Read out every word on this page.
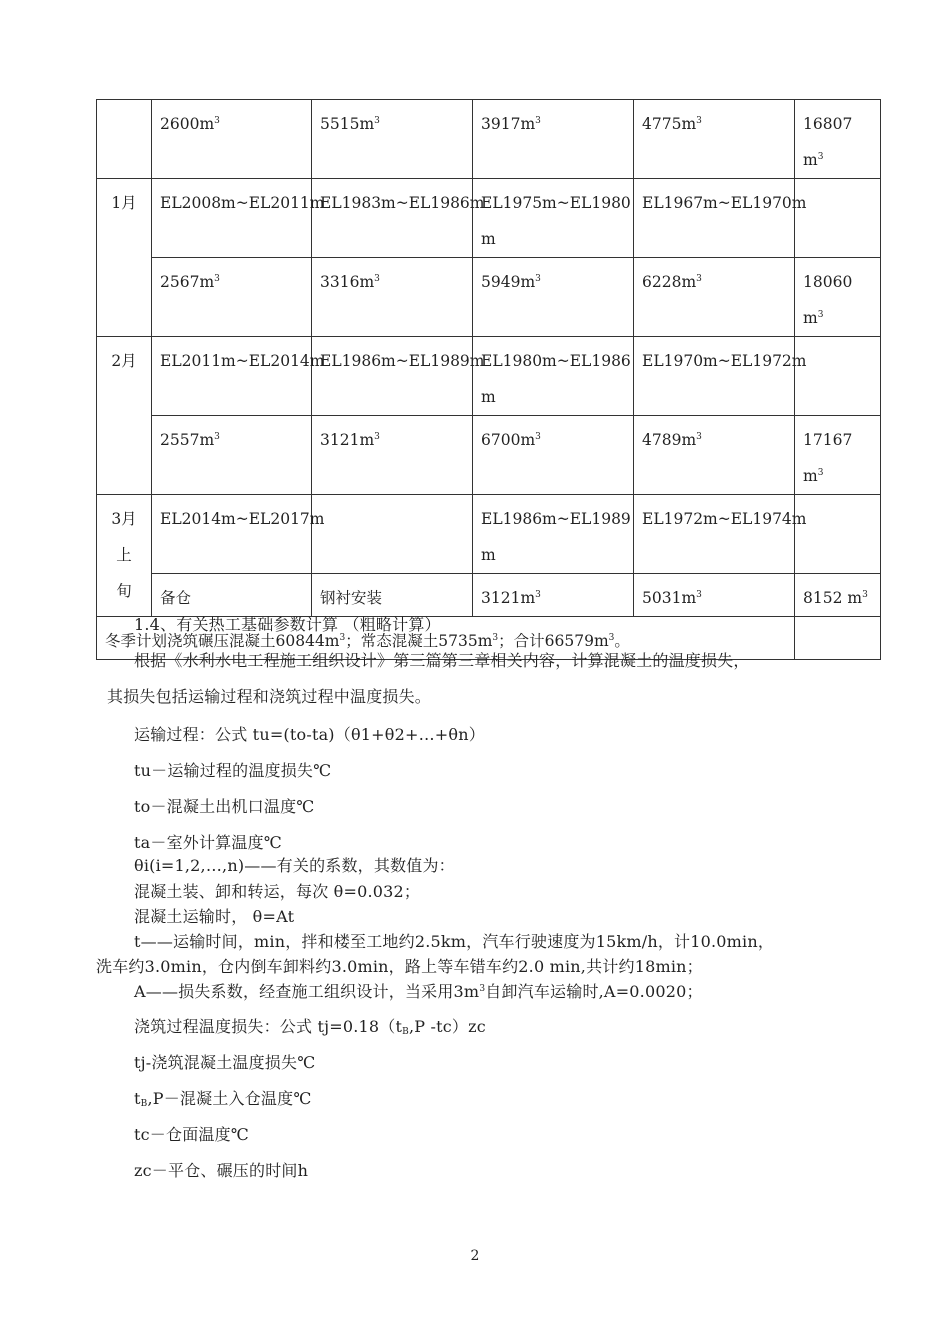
	$2600m^3$	$5515m^3$	$3917m^3$	$4775m^3$	16807
$m^3$
1月	EL2008m~EL2011m	EL1983m~EL1986m	EL1975m~EL1980
m	EL1967m~EL1970m	
	$2567m^3$	$3316m^3$	$5949m^3$	$6228m^3$	18060
$m^3$
2月	EL2011m~EL2014m	EL1986m~EL1989m	EL1980m~EL1986
m	EL1970m~EL1972m	
	$2557m^3$	$3121m^3$	$6700m^3$	$4789m^3$	17167
$m^3$
3月
上
旬	EL2014m~EL2017m		EL1986m~EL1989
m	EL1972m~EL1974m	
	备仓	钢衬安装	$3121m^3$	$5031m^3$	8152 $m^3$
冬季计划浇筑碾压混凝土$60844m^3$；常态混凝土$5735m^3$；合计$66579m^3$。					
1.4、有关热工基础参数计算 （粗略计算）
根据《水利水电工程施工组织设计》第三篇第三章相关内容，计算混凝土的温度损失，
其损失包括运输过程和浇筑过程中温度损失。
运输过程：公式 tu=(to-ta)（θ1+θ2+…+θn）
tu－运输过程的温度损失℃
to－混凝土出机口温度℃
ta－室外计算温度℃
θi(i=1,2,…,n)——有关的系数，其数值为：
混凝土装、卸和转运，每次 θ=0.032；
混凝土运输时， θ=At
t——运输时间，min，拌和楼至工地约2.5km，汽车行驶速度为15km/h，计10.0min，
洗车约3.0min，仓内倒车卸料约3.0min，路上等车错车约2.0 min,共计约18min；
A——损失系数，经查施工组织设计，当采用$3m^3$自卸汽车运输时,A=0.0020；
浇筑过程温度损失：公式 $tj=0.18(t_B,P$ -tc）zc
tj-浇筑混凝土温度损失℃
$t_B,P-$混凝土入仓温度℃
tc－仓面温度℃
zc－平仓、碾压的时间h
2
